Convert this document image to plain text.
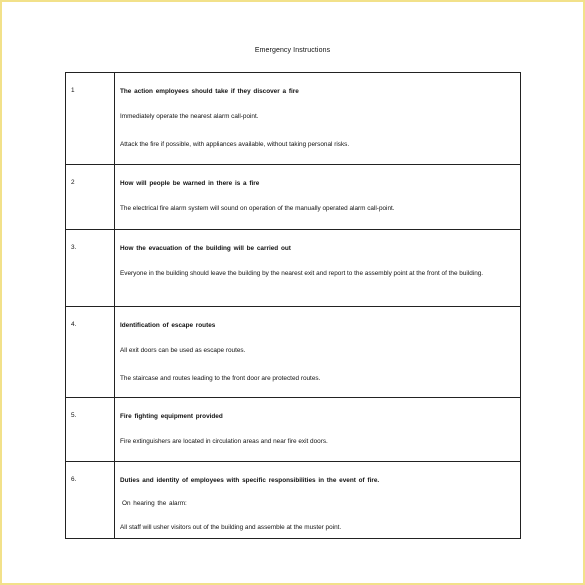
Emergency Instructions
1	The action employees should take if they discover a fire
Immediately operate the nearest alarm call-point.
Attack the fire if possible, with appliances available, without taking personal risks.

2	How will people be warned in there is a fire
The electrical fire alarm system will sound on operation of the manually operated alarm call-point.

3.	How the evacuation of the building will be carried out
Everyone in the building should leave the building by the nearest exit and report to the assembly point at the front of the building.

4.	Identification of escape routes
All exit doors can be used as escape routes.
The staircase and routes leading to the front door are protected routes.

5.	Fire fighting equipment provided
Fire extinguishers are located in circulation areas and near fire exit doors.

6.	Duties and identity of employees with specific responsibilities in the event of fire.
On hearing the alarm:
All staff will usher visitors out of the building and assemble at the muster point.
